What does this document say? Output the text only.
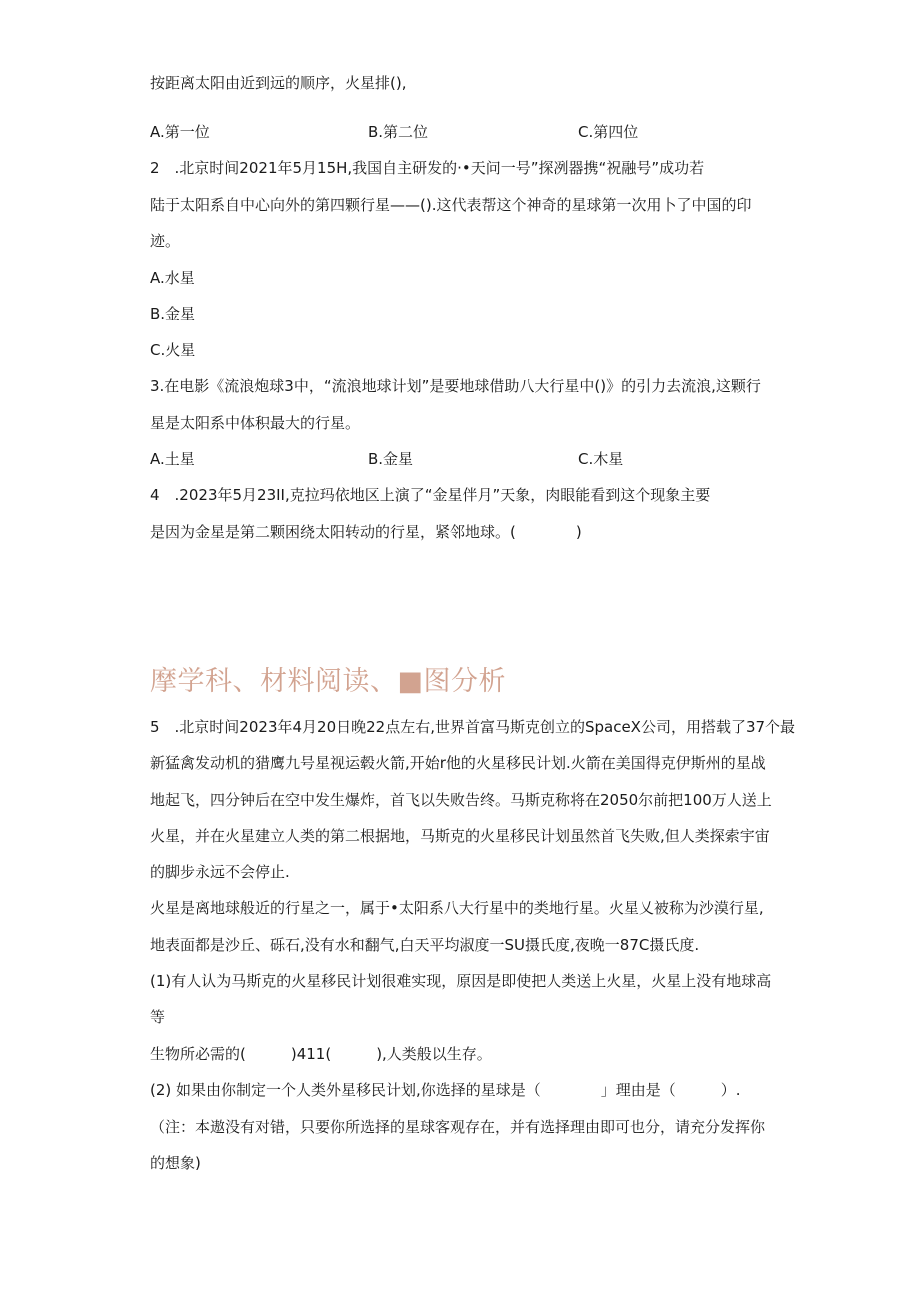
按距离太阳由近到远的顺序，火星排(),
A.第一位	B.第二位	C.第四位
2　.北京时间2021年5月15H,我国自主研发的·•天问一号”探冽器携“祝融号”成功若
陆于太阳系自中心向外的第四颗行星——().这代表帮这个神奇的星球第一次用卜了中国的印
迹。
A.水星
B.金星
C.火星
3.在电影《流浪炮球3中，“流浪地球计划”是要地球借助八大行星中()》的引力去流浪,这颗行
星是太阳系中体积最大的行星。
A.土星	B.金星	C.木星
4　.2023年5月23II,克拉玛依地区上演了“金星伴月”天象，肉眼能看到这个现象主要
是因为金星是第二颗困绕太阳转动的行星，紧邻地球。(　　　　)
摩学科、材料阅读、■图分析
5　.北京时间2023年4月20日晚22点左右,世界首富马斯克创立的SpaceX公司，用搭载了37个最
新猛禽发动机的猎鹰九号星视运毂火箭,开始r他的火星移民计划.火箭在美国得克伊斯州的星战
地起飞，四分钟后在空中发生爆炸，首飞以失败告终。马斯克称将在2050尔前把100万人送上
火星，并在火星建立人类的第二根据地，马斯克的火星移民计划虽然首飞失败,但人类探索宇宙
的脚步永远不会停止.
火星是离地球般近的行星之一，属于•太阳系八大行星中的类地行星。火星乂被称为沙漠行星,
地表面都是沙丘、砾石,没有水和翻气,白天平均淑度一SU摄氏度,夜晚一87C摄氏度.
(1)有人认为马斯克的火星移民计划很难实现，原因是即使把人类送上火星，火星上没有地球高
等
生物所必需的(　　　)411(　　　),人类般以生存。
(2) 如果由你制定一个人类外星移民计划,你选择的星球是（　　　　」理由是（　　　）.
（注：本遨没有对错，只要你所选择的星球客观存在，并有选择理由即可也分，请充分发挥你
的想象)
